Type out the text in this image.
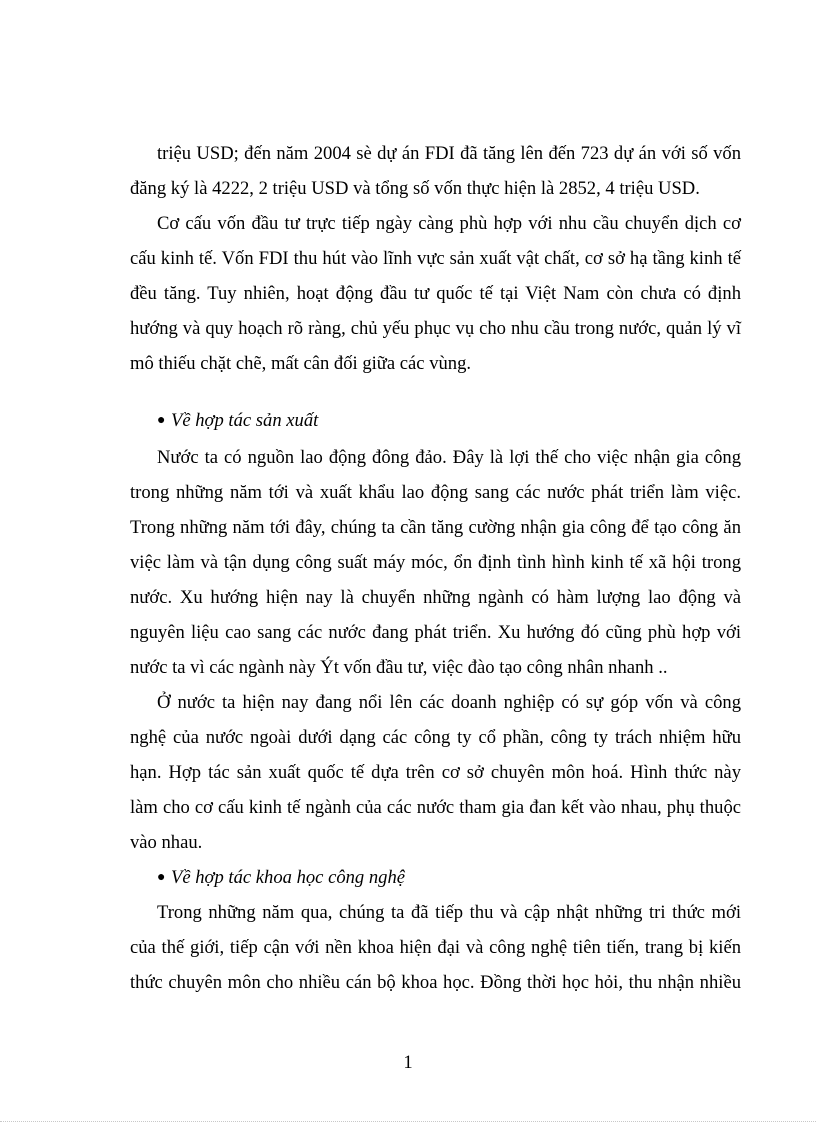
triệu USD; đến năm 2004 sè dự án FDI đã tăng lên đến 723 dự án với số vốn
đăng ký là 4222, 2 triệu USD và tổng số vốn thực hiện là 2852, 4 triệu USD.
Cơ cấu vốn đầu tư trực tiếp ngày càng phù hợp với nhu cầu chuyển dịch cơ
cấu kinh tế. Vốn FDI thu hút vào lĩnh vực sản xuất vật chất, cơ sở hạ tầng kinh tế
đều tăng. Tuy nhiên, hoạt động đầu tư quốc tế tại Việt Nam còn chưa có định
hướng và quy hoạch rõ ràng, chủ yếu phục vụ cho nhu cầu trong nước, quản lý vĩ
mô thiếu chặt chẽ, mất cân đối giữa các vùng.
● Về hợp tác sản xuất
Nước ta có nguồn lao động đông đảo. Đây là lợi thế cho việc nhận gia công
trong những năm tới và xuất khẩu lao động sang các nước phát triển làm việc.
Trong những năm tới đây, chúng ta cần tăng cường nhận gia công để tạo công ăn
việc làm và tận dụng công suất máy móc, ổn định tình hình kinh tế xã hội trong
nước. Xu hướng hiện nay là chuyển những ngành có hàm lượng lao động và
nguyên liệu cao sang các nước đang phát triển. Xu hướng đó cũng phù hợp với
nước ta vì các ngành này Ýt vốn đầu tư, việc đào tạo công nhân nhanh ..
Ở nước ta hiện nay đang nổi lên các doanh nghiệp có sự góp vốn và công
nghệ của nước ngoài dưới dạng các công ty cổ phần, công ty trách nhiệm hữu
hạn. Hợp tác sản xuất quốc tế dựa trên cơ sở chuyên môn hoá. Hình thức này
làm cho cơ cấu kinh tế ngành của các nước tham gia đan kết vào nhau, phụ thuộc
vào nhau.
● Về hợp tác khoa học công nghệ
Trong những năm qua, chúng ta đã tiếp thu và cập nhật những tri thức mới
của thế giới, tiếp cận với nền khoa hiện đại và công nghệ tiên tiến, trang bị kiến
thức chuyên môn cho nhiều cán bộ khoa học. Đồng thời học hỏi, thu nhận nhiều
1
